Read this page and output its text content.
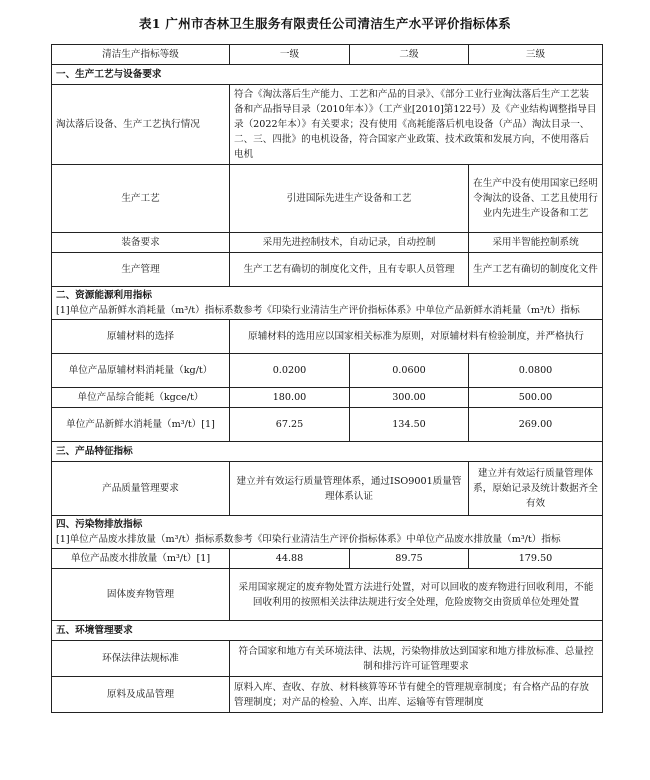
表1 广州市杏林卫生服务有限责任公司清洁生产水平评价指标体系
清洁生产指标等级	一级	二级	三级
一、生产工艺与设备要求			
淘汰落后设备、生产工艺执行情况	符合《淘汰落后生产能力、工艺和产品的目录》、《部分工业行业淘汰落后生产工艺装备和产品指导目录（2010年本）》（工产业[2010]第122号）及《产业结构调整指导目录（2022年本）》有关要求；没有使用《高耗能落后机电设备（产品）淘汰目录一、二、三、四批》的电机设备，符合国家产业政策、技术政策和发展方向，不使用落后电机		
生产工艺	引进国际先进生产设备和工艺		在生产中没有使用国家已经明令淘汰的设备、工艺且使用行业内先进生产设备和工艺
装备要求	采用先进控制技术，自动记录，自动控制		采用半智能控制系统
生产管理	生产工艺有确切的制度化文件，且有专职人员管理		生产工艺有确切的制度化文件

二、资源能源利用指标
[1]单位产品新鲜水消耗量（m³/t）指标系数参考《印染行业清洁生产评价指标体系》中单位产品新鲜水消耗量（m³/t）指标			

原辅材料的选择	原辅材料的选用应以国家相关标准为原则，对原辅材料有检验制度，并严格执行		
单位产品原辅材料消耗量（kg/t）	0.0200	0.0600	0.0800
单位产品综合能耗（kgce/t）	180.00	300.00	500.00
单位产品新鲜水消耗量（m³/t）[1]	67.25	134.50	269.00
三、产品特征指标			
产品质量管理要求	建立并有效运行质量管理体系，通过ISO9001质量管理体系认证		建立并有效运行质量管理体系，原始记录及统计数据齐全有效

四、污染物排放指标
[1]单位产品废水排放量（m³/t）指标系数参考《印染行业清洁生产评价指标体系》中单位产品废水排放量（m³/t）指标			

单位产品废水排放量（m³/t）[1]	44.88	89.75	179.50
固体废弃物管理	采用国家规定的废弃物处置方法进行处置，对可以回收的废弃物进行回收利用，不能回收利用的按照相关法律法规进行安全处理，危险废物交由资质单位处理处置		
五、环境管理要求			
环保法律法规标准	符合国家和地方有关环境法律、法规，污染物排放达到国家和地方排放标准、总量控制和排污许可证管理要求		
原料及成品管理	原料入库、查收、存放、材料核算等环节有健全的管理规章制度；有合格产品的存放管理制度；对产品的检验、入库、出库、运输等有管理制度		
